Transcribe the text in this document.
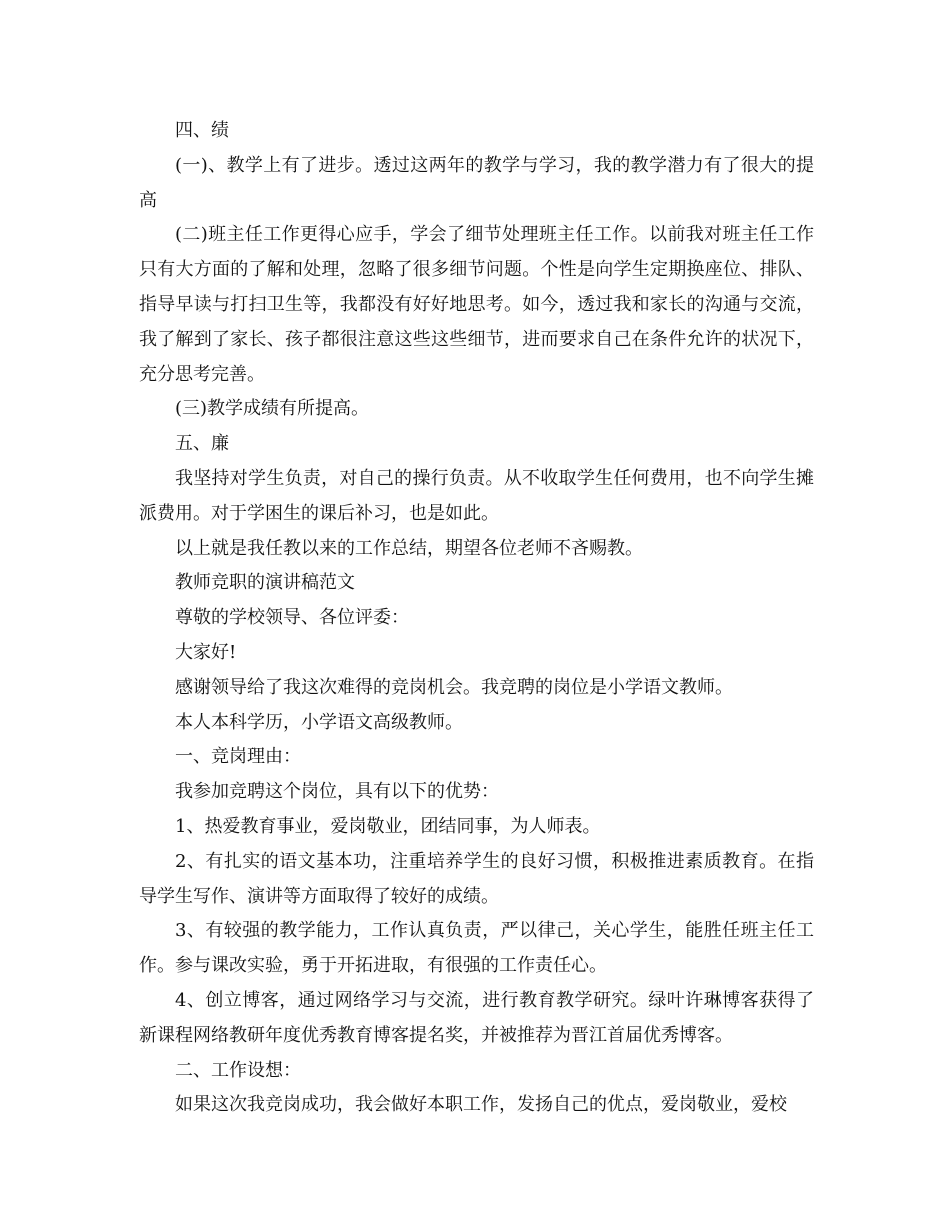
四、绩

(一)、教学上有了进步。透过这两年的教学与学习，我的教学潜力有了很大的提高

(二)班主任工作更得心应手，学会了细节处理班主任工作。以前我对班主任工作只有大方面的了解和处理，忽略了很多细节问题。个性是向学生定期换座位、排队、指导早读与打扫卫生等，我都没有好好地思考。如今，透过我和家长的沟通与交流，我了解到了家长、孩子都很注意这些这些细节，进而要求自己在条件允许的状况下，充分思考完善。

(三)教学成绩有所提高。

五、廉

我坚持对学生负责，对自己的操行负责。从不收取学生任何费用，也不向学生摊派费用。对于学困生的课后补习，也是如此。

以上就是我任教以来的工作总结，期望各位老师不吝赐教。

教师竞职的演讲稿范文

尊敬的学校领导、各位评委：

大家好!

感谢领导给了我这次难得的竞岗机会。我竞聘的岗位是小学语文教师。

本人本科学历，小学语文高级教师。

一、竞岗理由：

我参加竞聘这个岗位，具有以下的优势：

1、热爱教育事业，爱岗敬业，团结同事，为人师表。

2、有扎实的语文基本功，注重培养学生的良好习惯，积极推进素质教育。在指导学生写作、演讲等方面取得了较好的成绩。

3、有较强的教学能力，工作认真负责，严以律己，关心学生，能胜任班主任工作。参与课改实验，勇于开拓进取，有很强的工作责任心。

4、创立博客，通过网络学习与交流，进行教育教学研究。绿叶许琳博客获得了新课程网络教研年度优秀教育博客提名奖，并被推荐为晋江首届优秀博客。

二、工作设想：

如果这次我竞岗成功，我会做好本职工作，发扬自己的优点，爱岗敬业，爱校
